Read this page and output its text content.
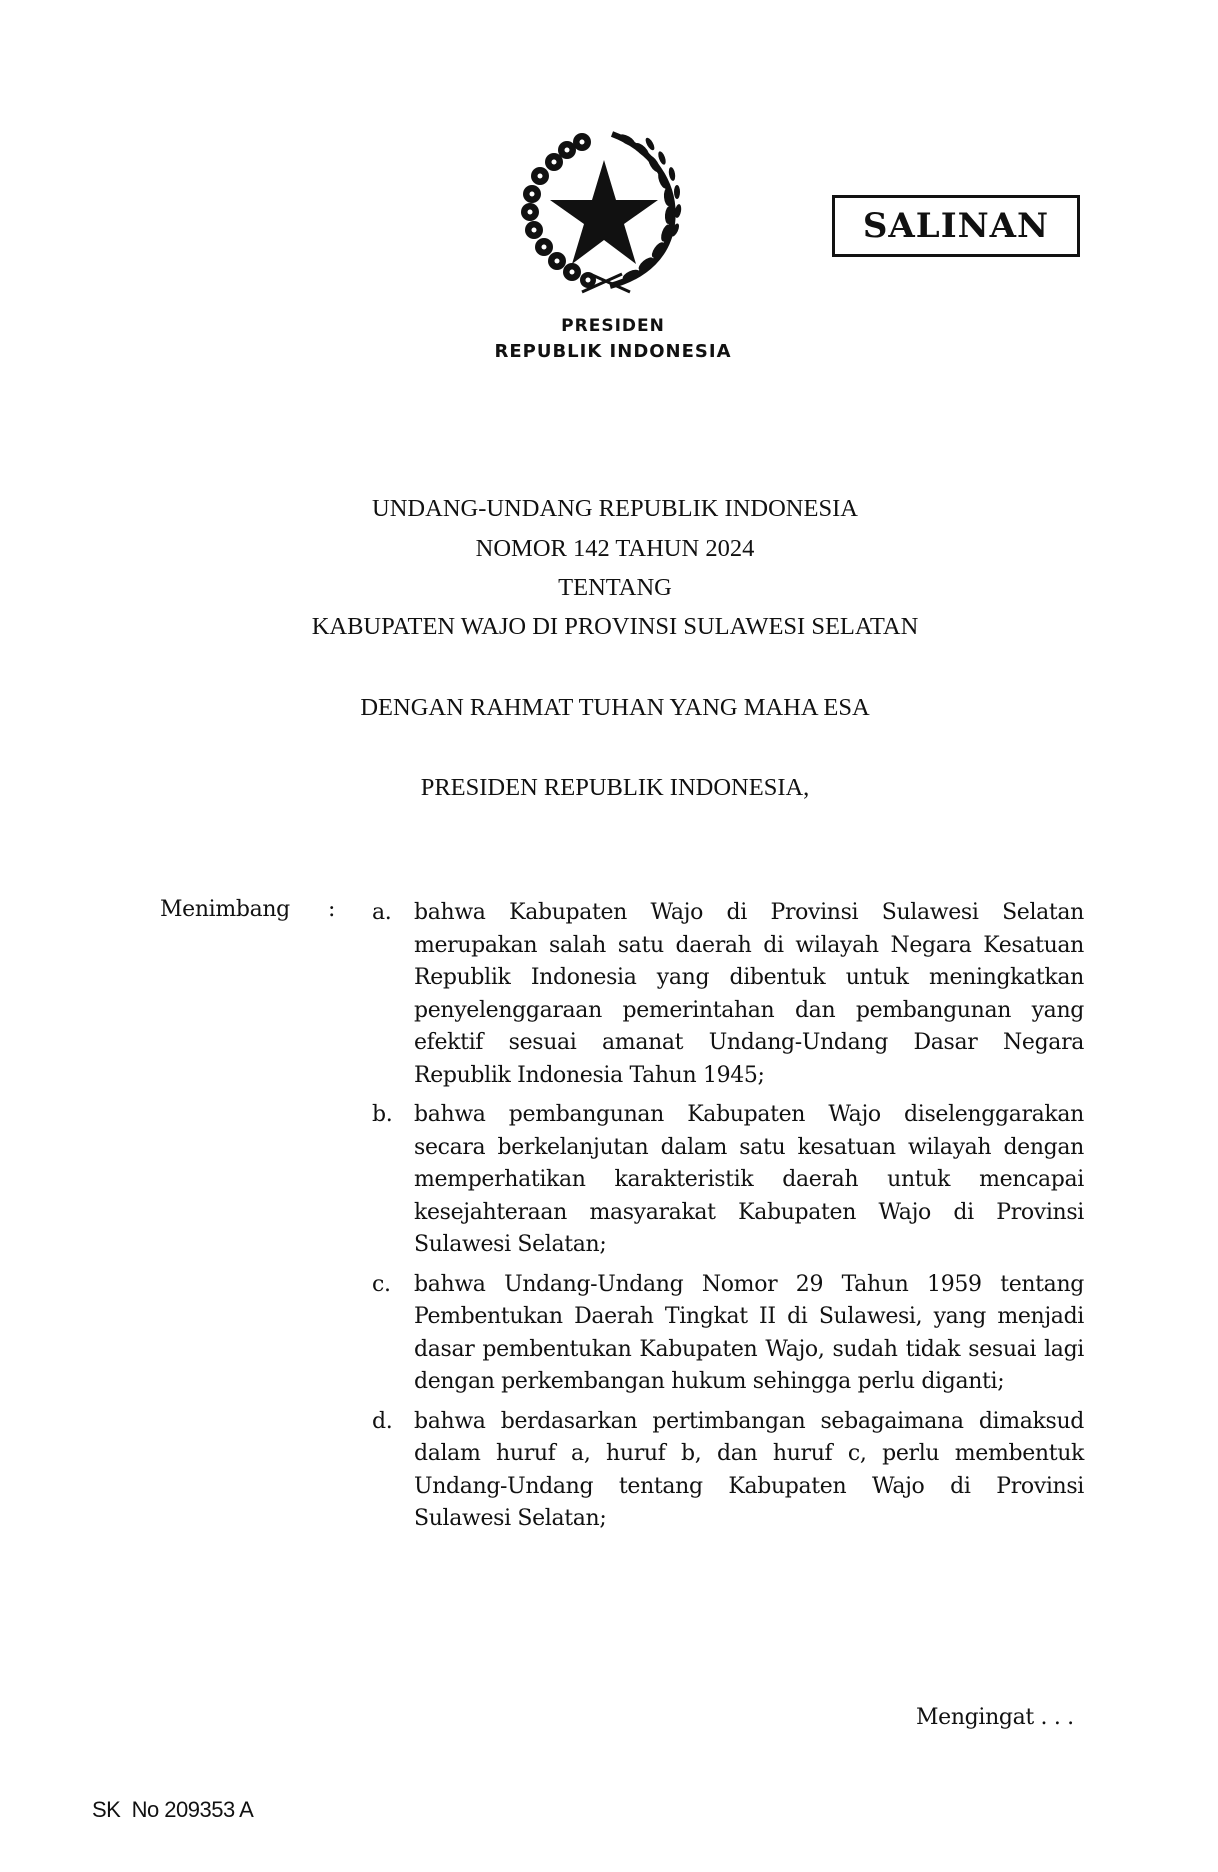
SALINAN
PRESIDEN
REPUBLIK INDONESIA
UNDANG-UNDANG REPUBLIK INDONESIA
NOMOR 142 TAHUN 2024
TENTANG
KABUPATEN WAJO DI PROVINSI SULAWESI SELATAN
DENGAN RAHMAT TUHAN YANG MAHA ESA
PRESIDEN REPUBLIK INDONESIA,
Menimbang : a. bahwa Kabupaten Wajo di Provinsi Sulawesi Selatan merupakan salah satu daerah di wilayah Negara Kesatuan Republik Indonesia yang dibentuk untuk meningkatkan penyelenggaraan pemerintahan dan pembangunan yang efektif sesuai amanat Undang-Undang Dasar Negara Republik Indonesia Tahun 1945;
b. bahwa pembangunan Kabupaten Wajo diselenggarakan secara berkelanjutan dalam satu kesatuan wilayah dengan memperhatikan karakteristik daerah untuk mencapai kesejahteraan masyarakat Kabupaten Wajo di Provinsi Sulawesi Selatan;
c. bahwa Undang-Undang Nomor 29 Tahun 1959 tentang Pembentukan Daerah Tingkat II di Sulawesi, yang menjadi dasar pembentukan Kabupaten Wajo, sudah tidak sesuai lagi dengan perkembangan hukum sehingga perlu diganti;
d. bahwa berdasarkan pertimbangan sebagaimana dimaksud dalam huruf a, huruf b, dan huruf c, perlu membentuk Undang-Undang tentang Kabupaten Wajo di Provinsi Sulawesi Selatan;
Mengingat . . .
SK  No 209353 A
